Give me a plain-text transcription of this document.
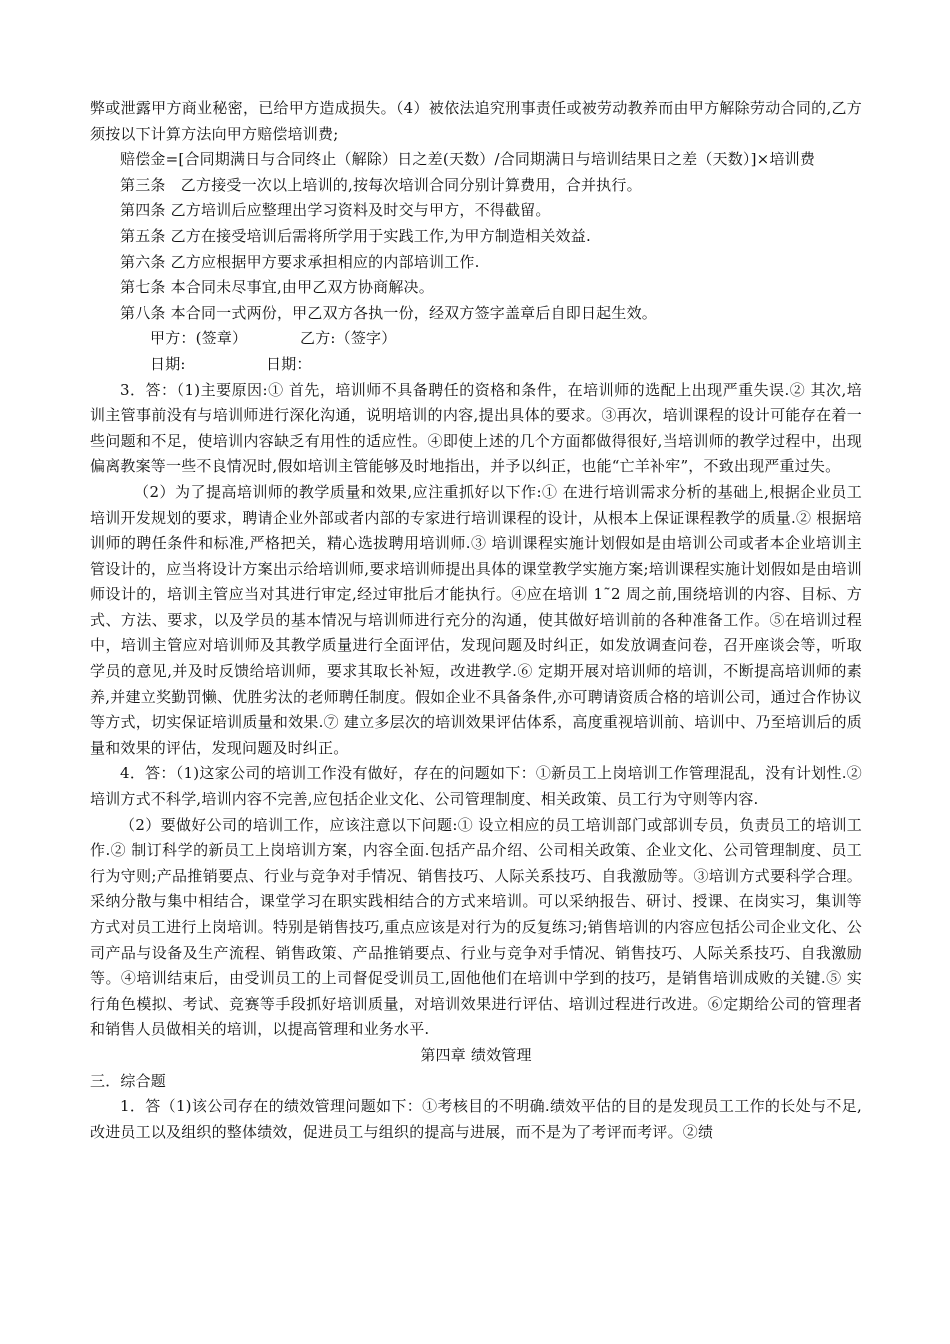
弊或泄露甲方商业秘密，已给甲方造成损失。（4）被依法追究刑事责任或被劳动教养而由甲方解除劳动合同的,乙方须按以下计算方法向甲方赔偿培训费;

赔偿金=[合同期满日与合同终止（解除）日之差(天数）/合同期满日与培训结果日之差（天数）]×培训费

第三条　乙方接受一次以上培训的,按每次培训合同分别计算费用，合并执行。

第四条 乙方培训后应整理出学习资料及时交与甲方，不得截留。

第五条 乙方在接受培训后需将所学用于实践工作,为甲方制造相关效益.

第六条 乙方应根据甲方要求承担相应的内部培训工作.

第七条 本合同未尽事宜,由甲乙双方协商解决。

第八条 本合同一式两份，甲乙双方各执一份，经双方签字盖章后自即日起生效。

甲方：(签章）	乙方:（签字）

日期:	日期：

3．答：（1)主要原因:① 首先，培训师不具备聘任的资格和条件，在培训师的选配上出现严重失误.② 其次,培训主管事前没有与培训师进行深化沟通，说明培训的内容,提出具体的要求。③再次，培训课程的设计可能存在着一些问题和不足，使培训内容缺乏有用性的适应性。④即使上述的几个方面都做得很好,当培训师的教学过程中，出现偏离教案等一些不良情况时,假如培训主管能够及时地指出，并予以纠正，也能“亡羊补牢”，不致出现严重过失。

（2）为了提高培训师的教学质量和效果,应注重抓好以下作:① 在进行培训需求分析的基础上,根据企业员工培训开发规划的要求，聘请企业外部或者内部的专家进行培训课程的设计，从根本上保证课程教学的质量.② 根据培训师的聘任条件和标准,严格把关，精心选拔聘用培训师.③ 培训课程实施计划假如是由培训公司或者本企业培训主管设计的，应当将设计方案出示给培训师,要求培训师提出具体的课堂教学实施方案;培训课程实施计划假如是由培训师设计的，培训主管应当对其进行审定,经过审批后才能执行。④应在培训 1˜2 周之前,围绕培训的内容、目标、方式、方法、要求，以及学员的基本情况与培训师进行充分的沟通，使其做好培训前的各种准备工作。⑤在培训过程中，培训主管应对培训师及其教学质量进行全面评估，发现问题及时纠正，如发放调查问卷，召开座谈会等，听取学员的意见,并及时反馈给培训师，要求其取长补短，改进教学.⑥ 定期开展对培训师的培训，不断提高培训师的素养,并建立奖勤罚懒、优胜劣汰的老师聘任制度。假如企业不具备条件,亦可聘请资质合格的培训公司，通过合作协议等方式，切实保证培训质量和效果.⑦ 建立多层次的培训效果评估体系，高度重视培训前、培训中、乃至培训后的质量和效果的评估，发现问题及时纠正。

4．答：（1)这家公司的培训工作没有做好，存在的问题如下：①新员工上岗培训工作管理混乱，没有计划性.② 培训方式不科学,培训内容不完善,应包括企业文化、公司管理制度、相关政策、员工行为守则等内容.

（2）要做好公司的培训工作，应该注意以下问题:① 设立相应的员工培训部门或部训专员，负责员工的培训工作.② 制订科学的新员工上岗培训方案，内容全面.包括产品介绍、公司相关政策、企业文化、公司管理制度、员工行为守则;产品推销要点、行业与竞争对手情况、销售技巧、人际关系技巧、自我激励等。③培训方式要科学合理。采纳分散与集中相结合，课堂学习在职实践相结合的方式来培训。可以采纳报告、研讨、授课、在岗实习，集训等方式对员工进行上岗培训。特别是销售技巧,重点应该是对行为的反复练习;销售培训的内容应包括公司企业文化、公司产品与设备及生产流程、销售政策、产品推销要点、行业与竞争对手情况、销售技巧、人际关系技巧、自我激励等。④培训结束后，由受训员工的上司督促受训员工,固他他们在培训中学到的技巧，是销售培训成败的关键.⑤ 实行角色模拟、考试、竞赛等手段抓好培训质量，对培训效果进行评估、培训过程进行改进。⑥定期给公司的管理者和销售人员做相关的培训，以提高管理和业务水平.

第四章 绩效管理

三．综合题

1．答（1)该公司存在的绩效管理问题如下：①考核目的不明确.绩效平估的目的是发现员工工作的长处与不足,改进员工以及组织的整体绩效，促进员工与组织的提高与进展，而不是为了考评而考评。②绩
